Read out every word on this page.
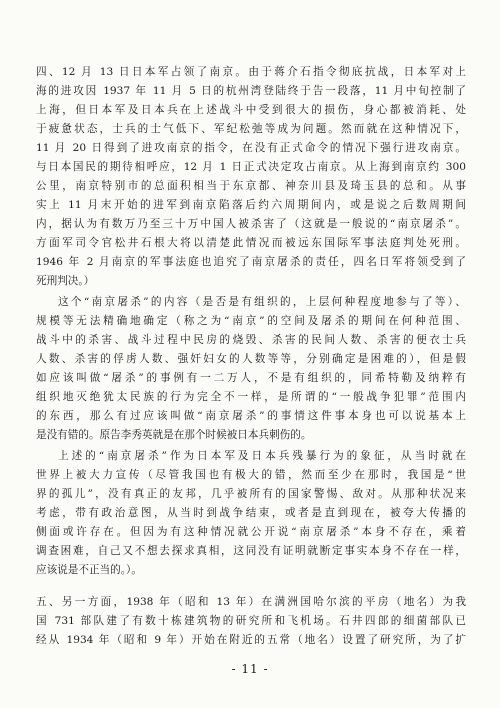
四、12 月 13 日日本军占领了南京。由于蒋介石指令彻底抗战，日本军对上
海的进攻因 1937 年 11 月 5 日的杭州湾登陆终于告一段落，11 月中旬控制了
上海，但日本军及日本兵在上述战斗中受到很大的损伤，身心都被消耗、处
于疲惫状态，士兵的士气低下、军纪松弛等成为问题。然而就在这种情况下，
11 月 20 日得到了进攻南京的指令，在没有正式命令的情况下强行进攻南京。
与日本国民的期待相呼应，12 月 1 日正式决定攻占南京。从上海到南京约 300
公里，南京特别市的总面积相当于东京都、神奈川县及琦玉县的总和。从事
实上 11 月末开始的进军到南京陷落后约六周期间内，或是说之后数周期间
内，据认为有数万乃至三十万中国人被杀害了（这就是一般说的“南京屠杀”。
方面军司令官松井石根大将以清楚此情况而被远东国际军事法庭判处死刑。
1946 年 2 月南京的军事法庭也追究了南京屠杀的责任，四名日军将领受到了
死刑判决。）
这个“南京屠杀”的内容（是否是有组织的，上层何种程度地参与了等）、
规模等无法精确地确定（称之为“南京”的空间及屠杀的期间在何种范围、
战斗中的杀害、战斗过程中民房的烧毁、杀害的民间人数、杀害的便衣士兵
人数、杀害的俘虏人数、强奸妇女的人数等等，分别确定是困难的），但是假
如应该叫做“屠杀”的事例有一二万人，不是有组织的，同希特勒及纳粹有
组织地灭绝犹太民族的行为完全不一样，是所谓的“一般战争犯罪”范围内
的东西，那么有过应该叫做“南京屠杀”的事情这件事本身也可以说基本上
是没有错的。原告李秀英就是在那个时候被日本兵刺伤的。
上述的“南京屠杀”作为日本军及日本兵残暴行为的象征，从当时就在
世界上被大力宣传（尽管我国也有极大的错，然而至少在那时，我国是“世
界的孤儿”，没有真正的友邦，几乎被所有的国家警惕、敌对。从那种状况来
考虑，带有政治意图，从当时到战争结束，或者是直到现在，被夸大传播的
侧面或许存在。但因为有这种情况就公开说“南京屠杀”本身不存在，乘着
调查困难，自己又不想去探求真相，这同没有证明就断定事实本身不存在一样，
应该说是不正当的。）。
五、另一方面，1938 年（昭和 13 年）在满洲国哈尔滨的平房（地名）为我
国 731 部队建了有数十栋建筑物的研究所和飞机场。石井四郎的细菌部队已
经从 1934 年（昭和 9 年）开始在附近的五常（地名）设置了研究所，为了扩
- 11 -
